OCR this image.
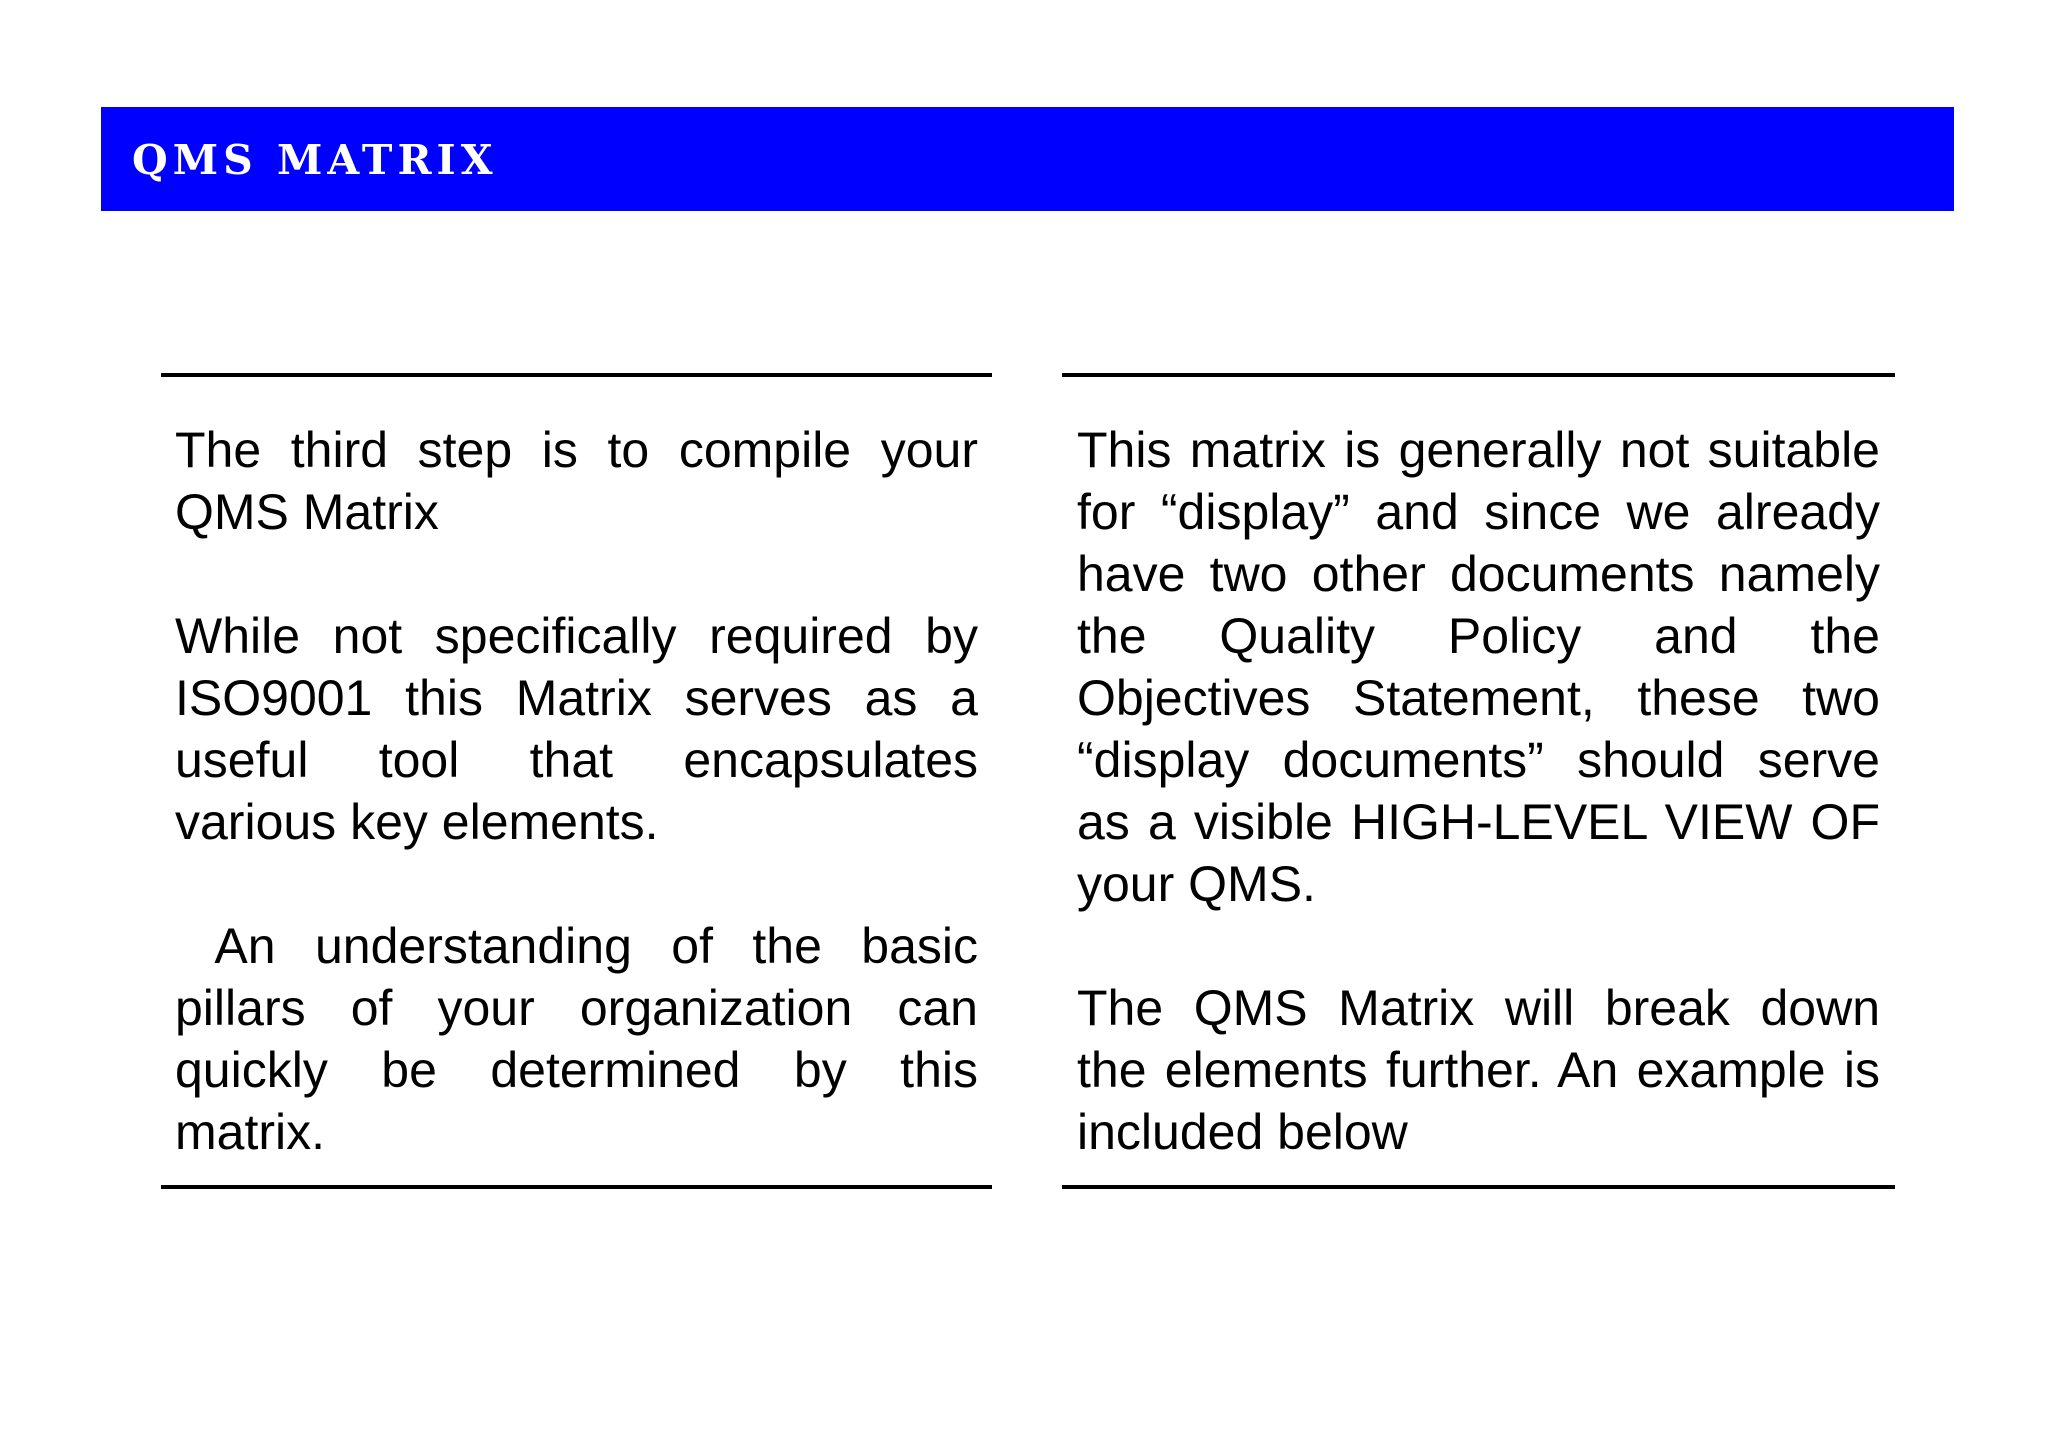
QMS MATRIX

The third step is to compile your QMS Matrix

While not specifically required by ISO9001 this Matrix serves as a useful tool that encapsulates various key elements.

An understanding of the basic pillars of your organization can quickly be determined by this matrix.

This matrix is generally not suitable for “display” and since we already have two other documents namely the Quality Policy and the Objectives Statement, these two “display documents” should serve as a visible HIGH-LEVEL VIEW OF your QMS.

The QMS Matrix will break down the elements further. An example is included below
